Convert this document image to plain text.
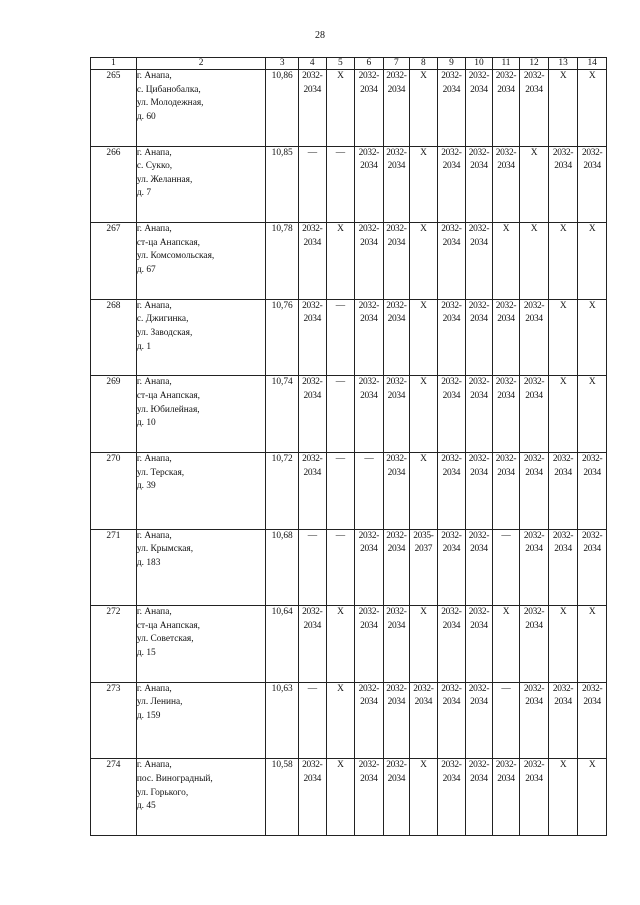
28
1	2	3	4	5	6	7	8	9	10	11	12	13	14
265	г. Анапа,
с. Цибанобалка,
ул. Молодежная,
д. 60	10,86	2032-
2034	X	2032-
2034	2032-
2034	X	2032-
2034	2032-
2034	2032-
2034	2032-
2034	X	X

266	г. Анапа,
с. Сукко,
ул. Желанная,
д. 7	10,85	—	—	2032-
2034	2032-
2034	X	2032-
2034	2032-
2034	2032-
2034	X	2032-
2034	2032-
2034

267	г. Анапа,
ст-ца Анапская,
ул. Комсомольская,
д. 67	10,78	2032-
2034	X	2032-
2034	2032-
2034	X	2032-
2034	2032-
2034	X	X	X	X

268	г. Анапа,
с. Джигинка,
ул. Заводская,
д. 1	10,76	2032-
2034	—	2032-
2034	2032-
2034	X	2032-
2034	2032-
2034	2032-
2034	2032-
2034	X	X

269	г. Анапа,
ст-ца Анапская,
ул. Юбилейная,
д. 10	10,74	2032-
2034	—	2032-
2034	2032-
2034	X	2032-
2034	2032-
2034	2032-
2034	2032-
2034	X	X

270	г. Анапа,
ул. Терская,
д. 39	10,72	2032-
2034	—	—	2032-
2034	X	2032-
2034	2032-
2034	2032-
2034	2032-
2034	2032-
2034	2032-
2034

271	г. Анапа,
ул. Крымская,
д. 183	10,68	—	—	2032-
2034	2032-
2034	2035-
2037	2032-
2034	2032-
2034	—	2032-
2034	2032-
2034	2032-
2034

272	г. Анапа,
ст-ца Анапская,
ул. Советская,
д. 15	10,64	2032-
2034	X	2032-
2034	2032-
2034	X	2032-
2034	2032-
2034	X	2032-
2034	X	X

273	г. Анапа,
ул. Ленина,
д. 159	10,63	—	X	2032-
2034	2032-
2034	2032-
2034	2032-
2034	2032-
2034	—	2032-
2034	2032-
2034	2032-
2034

274	г. Анапа,
пос. Виноградный,
ул. Горького,
д. 45	10,58	2032-
2034	X	2032-
2034	2032-
2034	X	2032-
2034	2032-
2034	2032-
2034	2032-
2034	X	X
